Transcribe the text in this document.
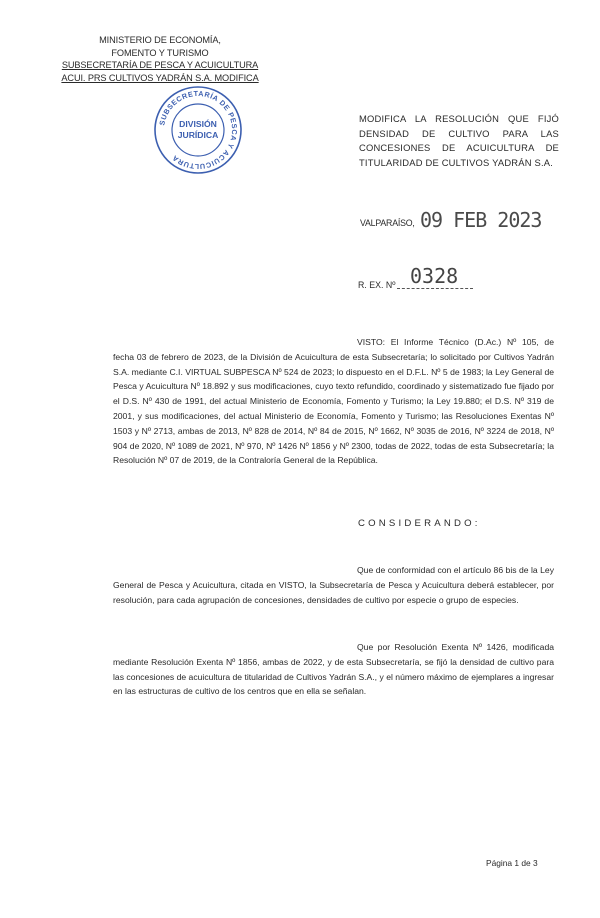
MINISTERIO DE ECONOMÍA,
FOMENTO Y TURISMO
SUBSECRETARÍA DE PESCA Y ACUICULTURA
ACUI. PRS CULTIVOS YADRÁN S.A. MODIFICA
SUBSECRETARÍA DE PESCA Y ACUICULTURA
DIVISIÓN
JURÍDICA
MODIFICA LA RESOLUCIÓN QUE FIJÓ DENSIDAD DE CULTIVO PARA LAS CONCESIONES DE ACUICULTURA DE TITULARIDAD DE CULTIVOS YADRÁN S.A.
VALPARAÍSO, 09 FEB 2023
R. EX. Nº 0328
VISTO: El Informe Técnico (D.Ac.) Nº 105, de fecha 03 de febrero de 2023, de la División de Acuicultura de esta Subsecretaría; lo solicitado por Cultivos Yadrán S.A. mediante C.I. VIRTUAL SUBPESCA Nº 524 de 2023; lo dispuesto en el D.F.L. Nº 5 de 1983; la Ley General de Pesca y Acuicultura Nº 18.892 y sus modificaciones, cuyo texto refundido, coordinado y sistematizado fue fijado por el D.S. Nº 430 de 1991, del actual Ministerio de Economía, Fomento y Turismo; la Ley 19.880; el D.S. Nº 319 de 2001, y sus modificaciones, del actual Ministerio de Economía, Fomento y Turismo; las Resoluciones Exentas Nº 1503 y Nº 2713, ambas de 2013, Nº 828 de 2014, Nº 84 de 2015, Nº 1662, Nº 3035 de 2016, Nº 3224 de 2018, Nº 904 de 2020, Nº 1089 de 2021, Nº 970, Nº 1426 Nº 1856 y Nº 2300, todas de 2022, todas de esta Subsecretaría; la Resolución Nº 07 de 2019, de la Contraloría General de la República.
CONSIDERANDO:
Que de conformidad con el artículo 86 bis de la Ley General de Pesca y Acuicultura, citada en VISTO, la Subsecretaría de Pesca y Acuicultura deberá establecer, por resolución, para cada agrupación de concesiones, densidades de cultivo por especie o grupo de especies.
Que por Resolución Exenta Nº 1426, modificada mediante Resolución Exenta Nº 1856, ambas de 2022, y de esta Subsecretaría, se fijó la densidad de cultivo para las concesiones de acuicultura de titularidad de Cultivos Yadrán S.A., y el número máximo de ejemplares a ingresar en las estructuras de cultivo de los centros que en ella se señalan.
Página 1 de 3
